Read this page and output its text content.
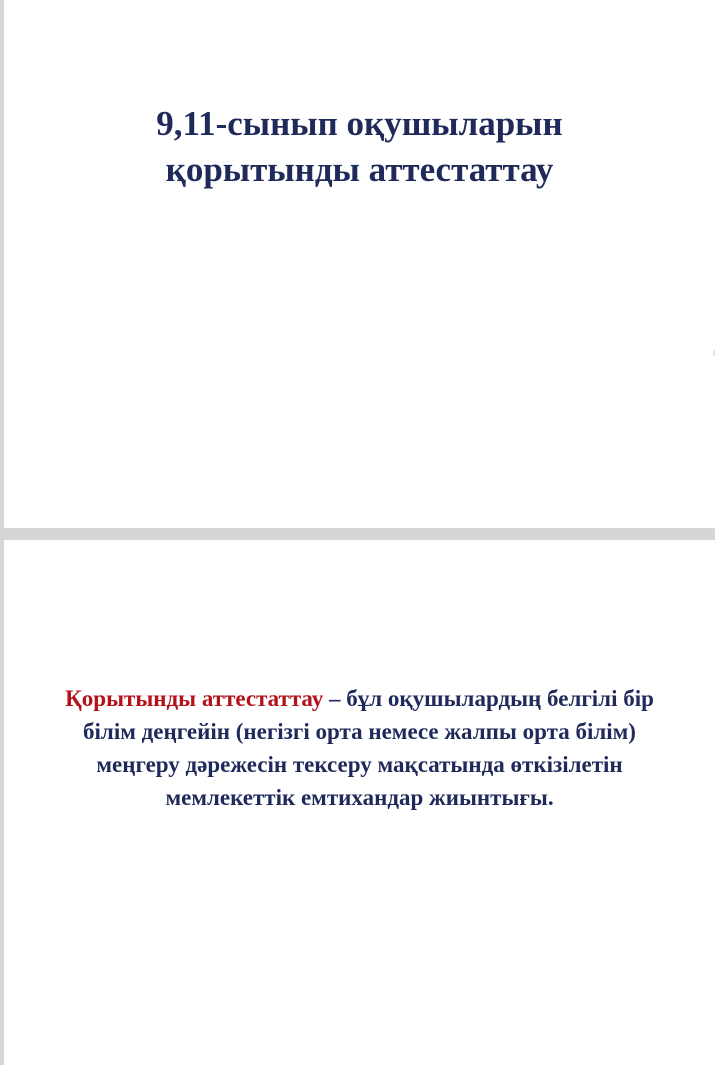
9,11-сынып оқушыларын
қорытынды аттестаттау

Қорытынды аттестаттау – бұл оқушылардың белгілі бір білім деңгейін (негізгі орта немесе жалпы орта білім) меңгеру дәрежесін тексеру мақсатында өткізілетін мемлекеттік емтихандар жиынтығы.
